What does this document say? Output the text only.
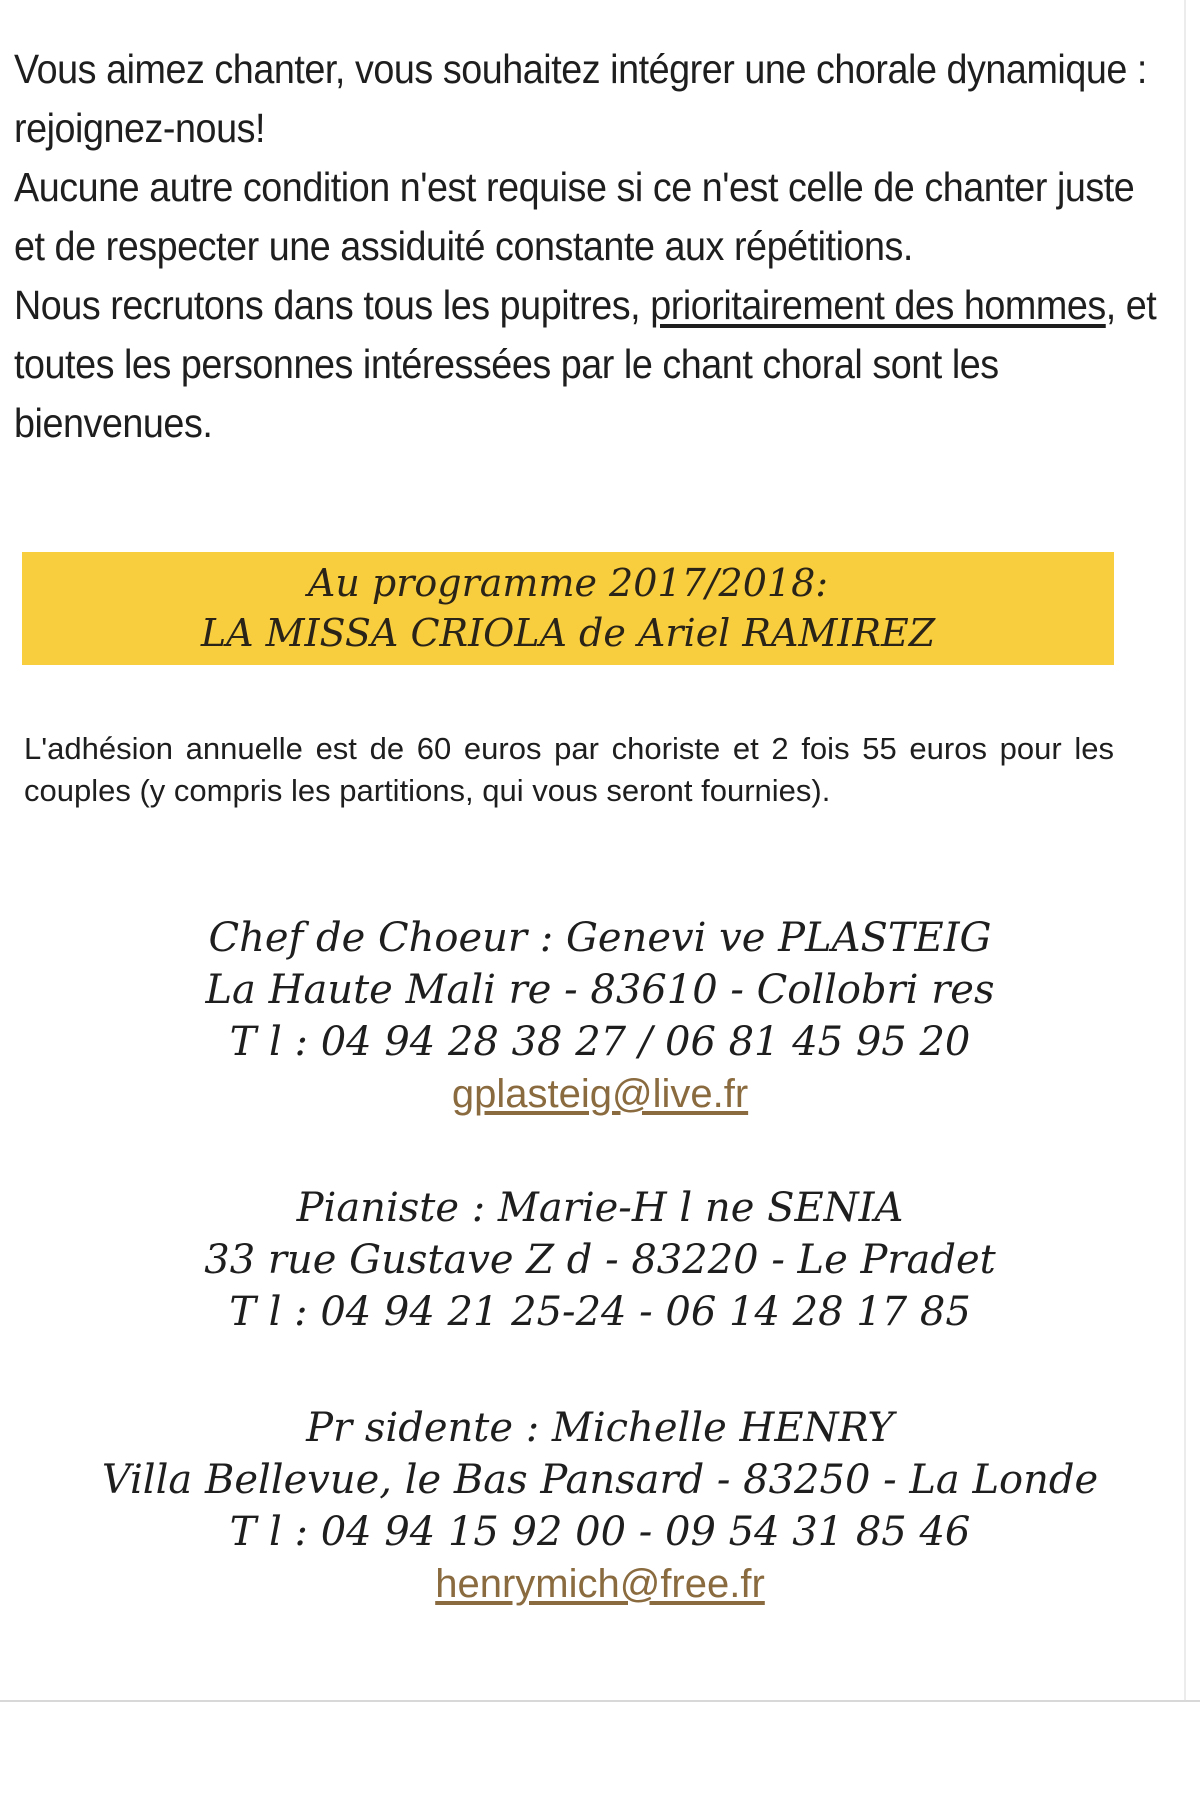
Vous aimez chanter, vous souhaitez intégrer une chorale dynamique : rejoignez-nous!

Aucune autre condition n'est requise si ce n'est celle de chanter juste et de respecter une assiduité constante aux répétitions.

Nous recrutons dans tous les pupitres, prioritairement des hommes, et toutes les personnes intéressées par le chant choral sont les bienvenues.

Au programme 2017/2018:
LA MISSA CRIOLA de Ariel RAMIREZ
L'adhésion annuelle est de 60 euros par choriste et 2 fois 55 euros pour les couples (y compris les partitions, qui vous seront fournies).
Chef de Choeur : Genevi ve PLASTEIG
La Haute Mali re - 83610 - Collobri res
T l : 04 94 28 38 27 / 06 81 45 95 20
gplasteig@live.fr
Pianiste : Marie-H l ne SENIA
33 rue Gustave Z d - 83220 - Le Pradet
T l : 04 94 21 25-24 - 06 14 28 17 85
Pr sidente : Michelle HENRY
Villa Bellevue, le Bas Pansard - 83250 - La Londe
T l : 04 94 15 92 00 - 09 54 31 85 46
henrymich@free.fr
